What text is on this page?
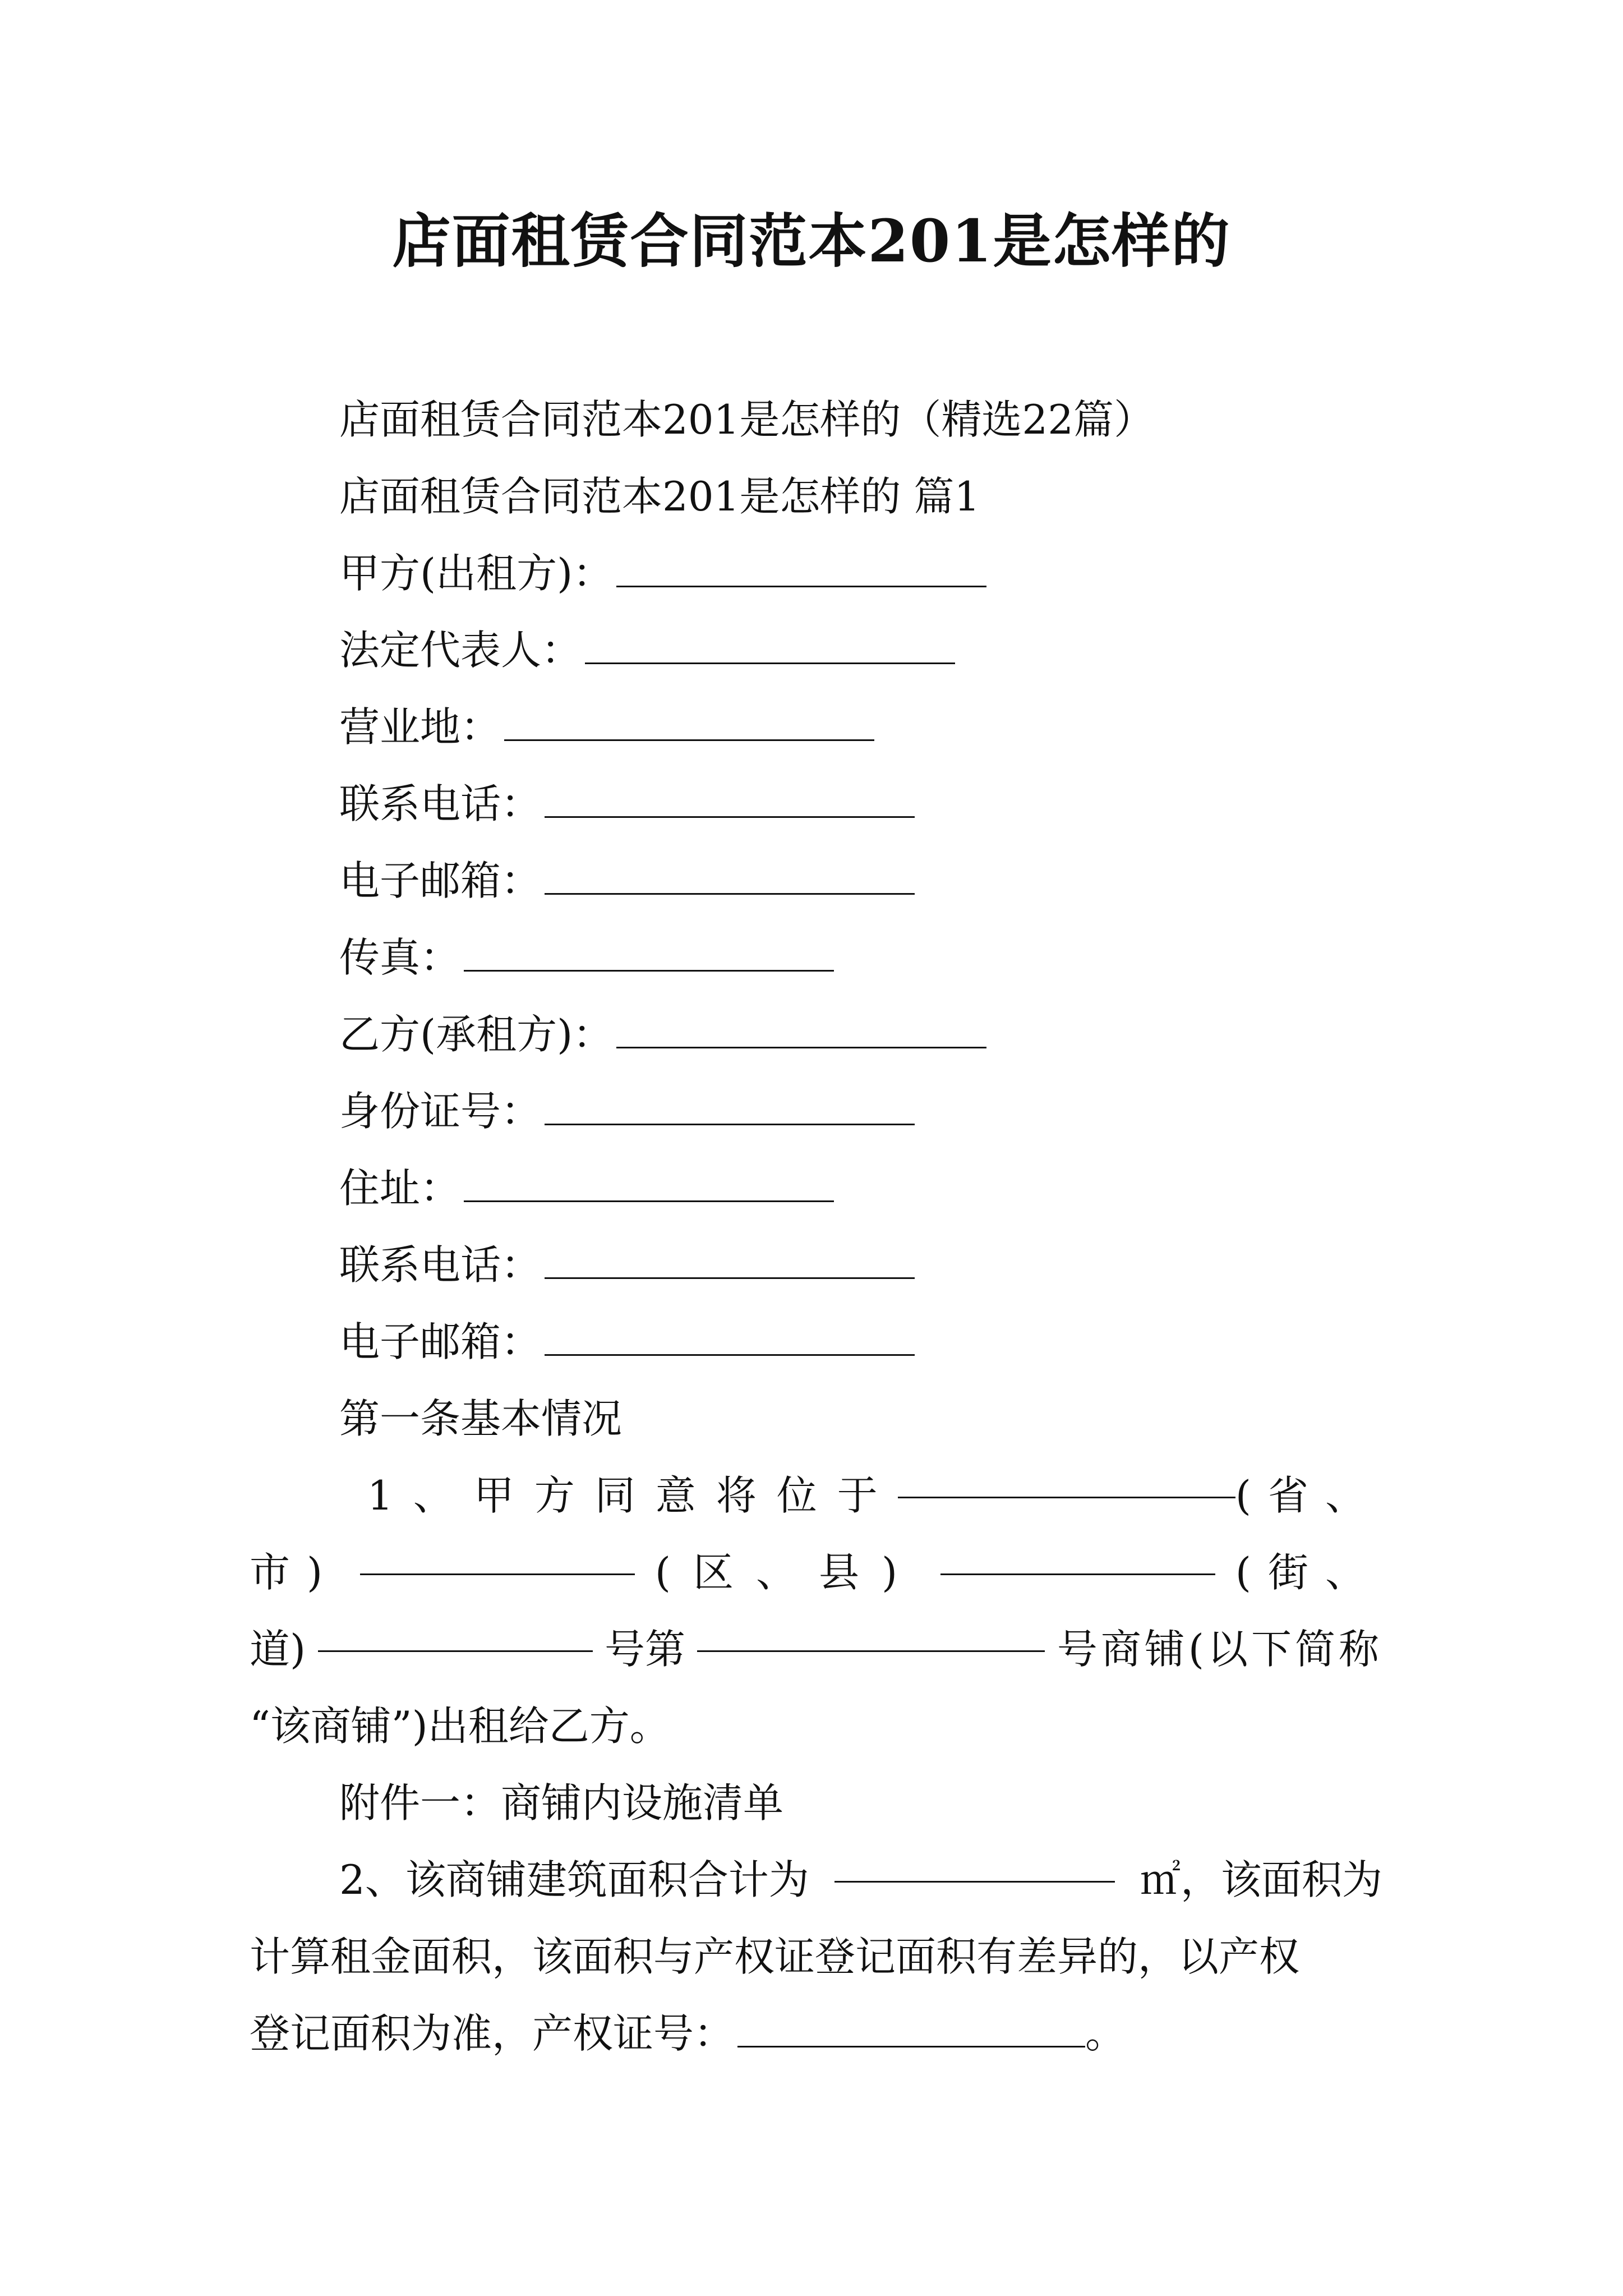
店面租赁合同范本201是怎样的
店面租赁合同范本201是怎样的（精选22篇）
店面租赁合同范本201是怎样的 篇1
甲方(出租方)：
法定代表人：
营业地：
联系电话：
电子邮箱：
传真：
乙方(承租方)：
身份证号：
住址：
联系电话：
电子邮箱：
第一条基本情况
1、甲方同意将位于	(省、
市)	(区、县)	(街、
道)	号第	号商铺(以下简称
“该商铺”)出租给乙方。
附件一：商铺内设施清单
2、该商铺建筑面积合计为	㎡，该面积为
计算租金面积，该面积与产权证登记面积有差异的，以产权
登记面积为准，产权证号：	。
